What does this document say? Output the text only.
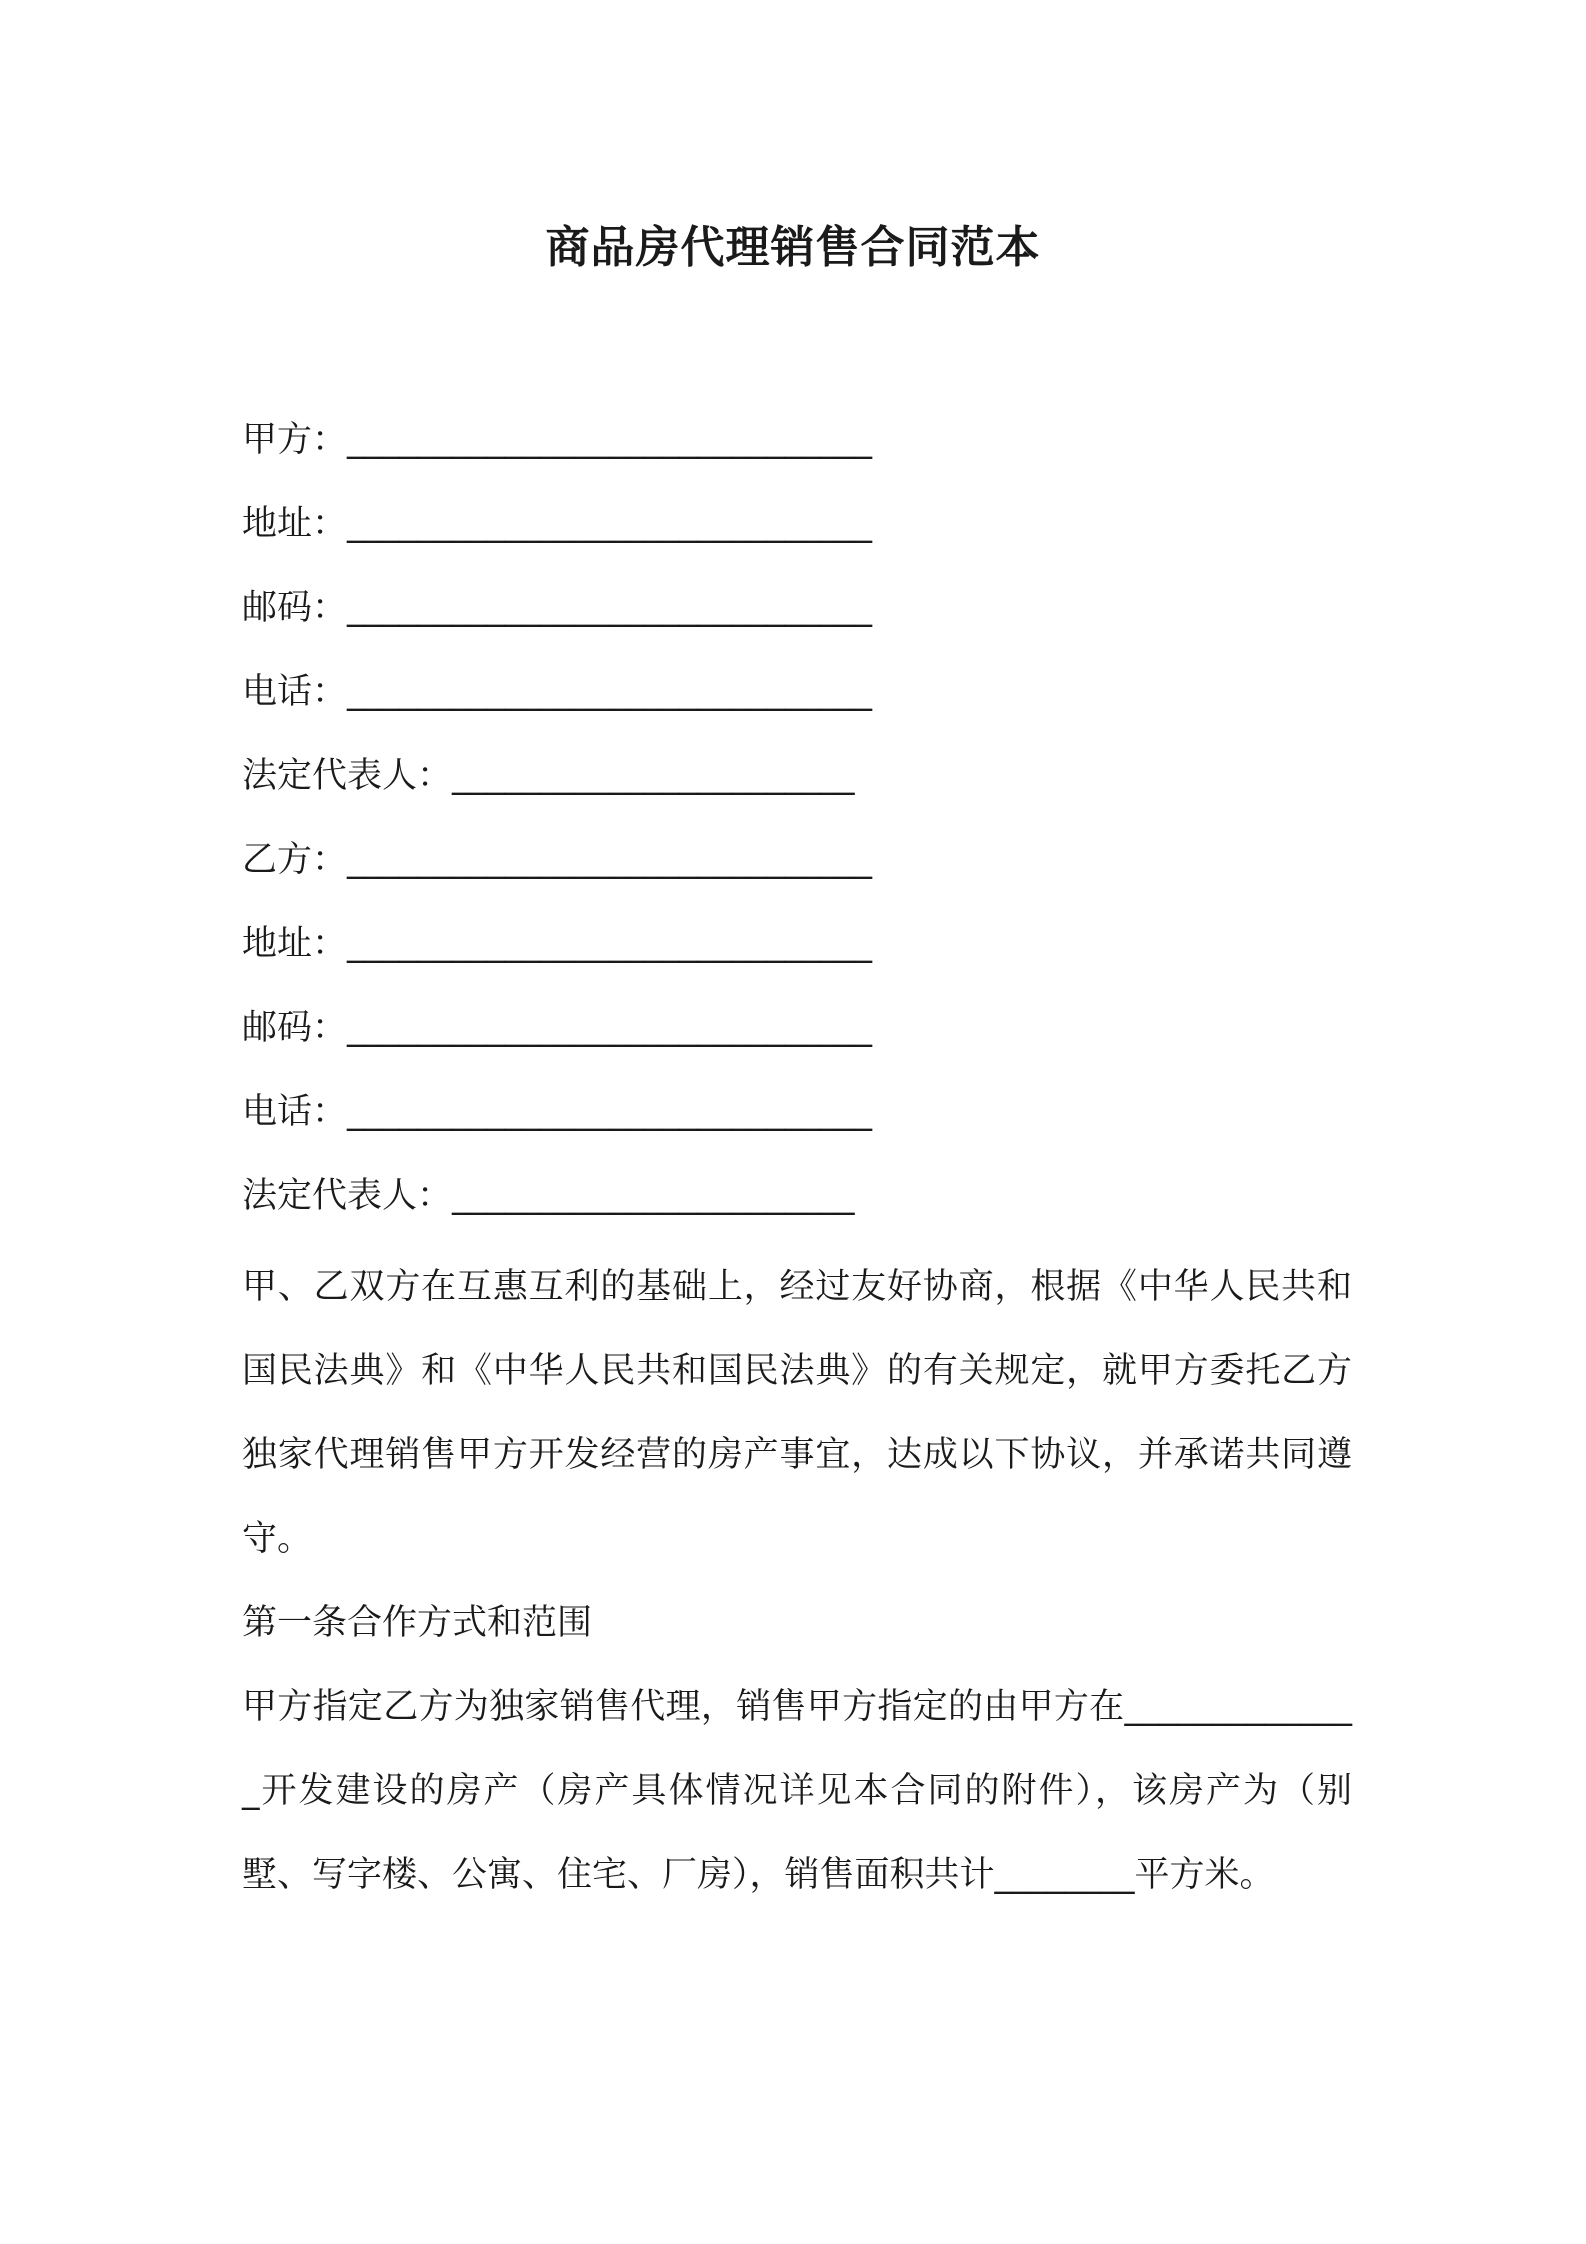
商品房代理销售合同范本
甲方：______________________________
地址：______________________________
邮码：______________________________
电话：______________________________
法定代表人：_______________________
乙方：______________________________
地址：______________________________
邮码：______________________________
电话：______________________________
法定代表人：_______________________

甲、乙双方在互惠互利的基础上，经过友好协商，根据《中华人民共和国民法典》和《中华人民共和国民法典》的有关规定，就甲方委托乙方独家代理销售甲方开发经营的房产事宜，达成以下协议，并承诺共同遵守。

第一条合作方式和范围

甲方指定乙方为独家销售代理，销售甲方指定的由甲方在______________开发建设的房产（房产具体情况详见本合同的附件），该房产为（别墅、写字楼、公寓、住宅、厂房），销售面积共计________平方米。
